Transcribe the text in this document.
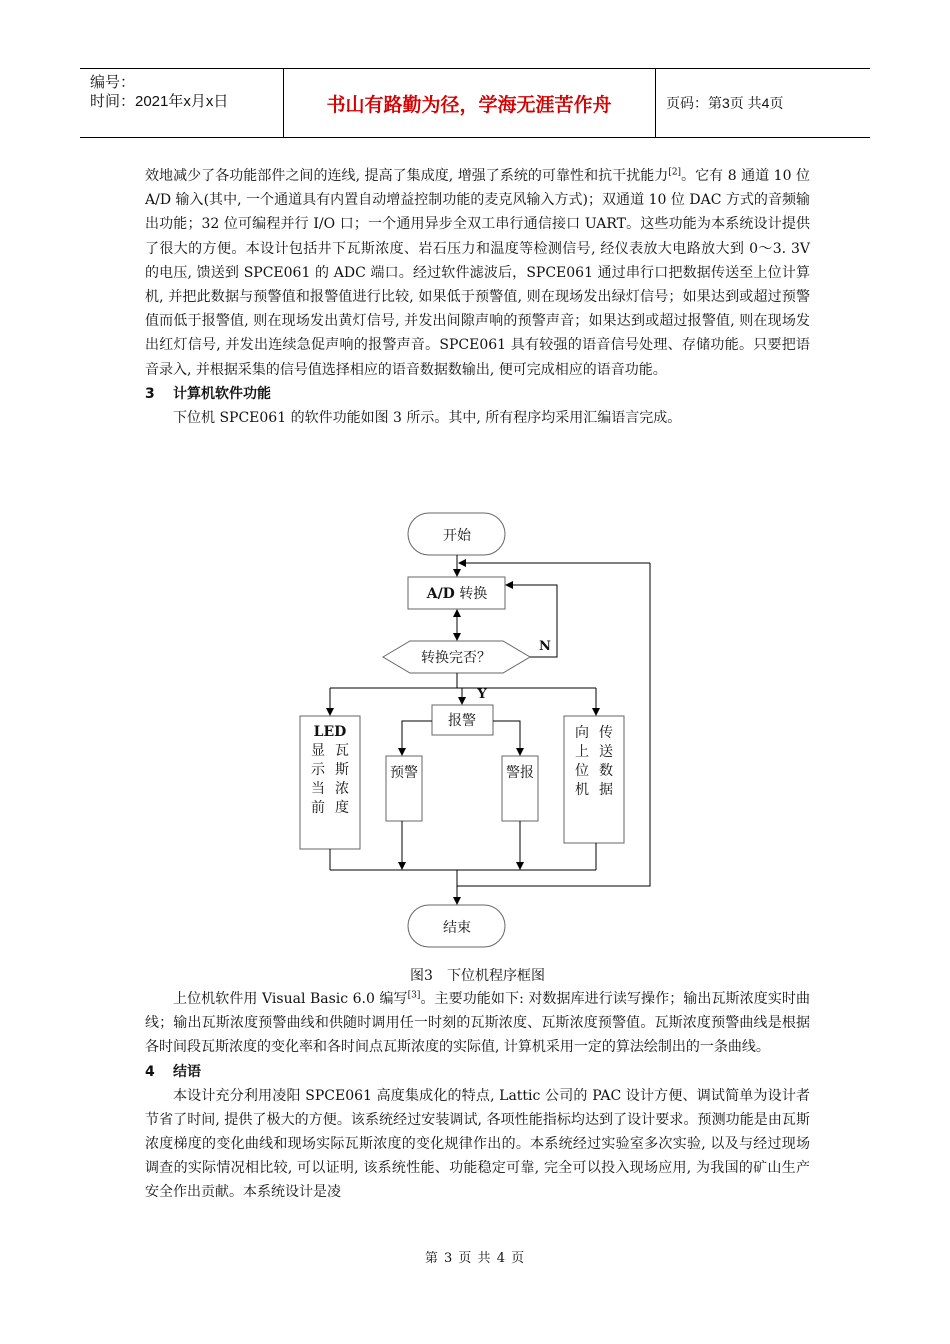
编号：
时间：2021年x月x日	书山有路勤为径，学海无涯苦作舟	页码：第3页 共4页

效地减少了各功能部件之间的连线, 提高了集成度, 增强了系统的可靠性和抗干扰能力[2]。它有 8 通道 10 位 A/D 输入(其中, 一个通道具有内置自动增益控制功能的麦克风输入方式)；双通道 10 位 DAC 方式的音频输出功能；32 位可编程并行 I/O 口；一个通用异步全双工串行通信接口 UART。这些功能为本系统设计提供了很大的方便。本设计包括井下瓦斯浓度、岩石压力和温度等检测信号, 经仪表放大电路放大到 0～3. 3V 的电压, 馈送到 SPCE061 的 ADC 端口。经过软件滤波后，SPCE061 通过串行口把数据传送至上位计算机, 并把此数据与预警值和报警值进行比较, 如果低于预警值, 则在现场发出绿灯信号；如果达到或超过预警值而低于报警值, 则在现场发出黄灯信号, 并发出间隙声响的预警声音；如果达到或超过报警值, 则在现场发出红灯信号, 并发出连续急促声响的报警声音。SPCE061 具有较强的语音信号处理、存储功能。只要把语音录入, 并根据采集的信号值选择相应的语音数据数输出, 便可完成相应的语音功能。

3 计算机软件功能

下位机 SPCE061 的软件功能如图 3 所示。其中, 所有程序均采用汇编语言完成。

开始
A/D 转换
转换完否？
N
Y
报警
预警	警报
LED
结束
显示当前
瓦斯浓度
向上位机
传送数据
图3　下位机程序框图

上位机软件用 Visual Basic 6.0 编写[3]。主要功能如下: 对数据库进行读写操作；输出瓦斯浓度实时曲线；输出瓦斯浓度预警曲线和供随时调用任一时刻的瓦斯浓度、瓦斯浓度预警值。瓦斯浓度预警曲线是根据各时间段瓦斯浓度的变化率和各时间点瓦斯浓度的实际值, 计算机采用一定的算法绘制出的一条曲线。

4 结语

本设计充分利用凌阳 SPCE061 高度集成化的特点, Lattic 公司的 PAC 设计方便、调试简单为设计者节省了时间, 提供了极大的方便。该系统经过安装调试, 各项性能指标均达到了设计要求。预测功能是由瓦斯浓度梯度的变化曲线和现场实际瓦斯浓度的变化规律作出的。本系统经过实验室多次实验, 以及与经过现场调查的实际情况相比较, 可以证明, 该系统性能、功能稳定可靠, 完全可以投入现场应用, 为我国的矿山生产安全作出贡献。本系统设计是凌

第 3 页 共 4 页
